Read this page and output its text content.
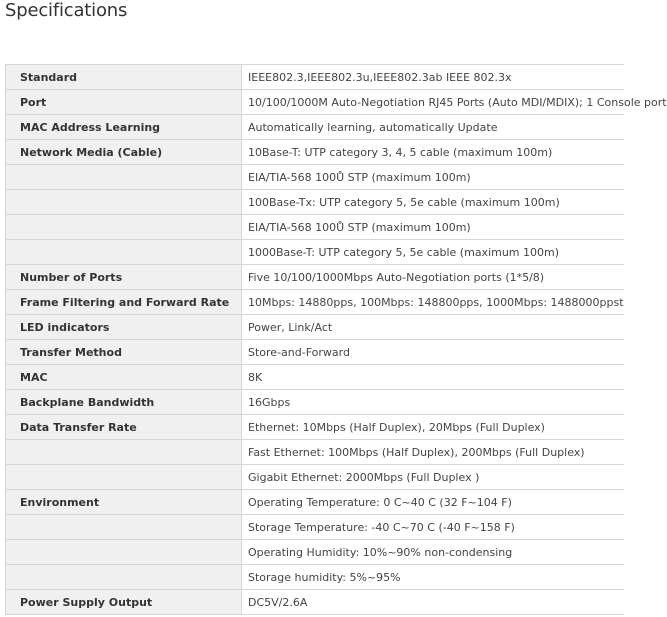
Specifications
Standard	IEEE802.3,IEEE802.3u,IEEE802.3ab IEEE 802.3x
Port	10/100/1000M Auto-Negotiation RJ45 Ports (Auto MDI/MDIX); 1 Console port
MAC Address Learning	Automatically learning, automatically Update
Network Media (Cable)	10Base-T: UTP category 3, 4, 5 cable (maximum 100m)
	EIA/TIA-568 100Ů STP (maximum 100m)
	100Base-Tx: UTP category 5, 5e cable (maximum 100m)
	EIA/TIA-568 100Ů STP (maximum 100m)
	1000Base-T: UTP category 5, 5e cable (maximum 100m)
Number of Ports	Five 10/100/1000Mbps Auto-Negotiation ports (1*5/8)
Frame Filtering and Forward Rate	10Mbps: 14880pps, 100Mbps: 148800pps, 1000Mbps: 1488000ppst
LED indicators	Power, Link/Act
Transfer Method	Store-and-Forward
MAC	8K
Backplane Bandwidth	16Gbps
Data Transfer Rate	Ethernet: 10Mbps (Half Duplex), 20Mbps (Full Duplex)
	Fast Ethernet: 100Mbps (Half Duplex), 200Mbps (Full Duplex)
	Gigabit Ethernet: 2000Mbps (Full Duplex )
Environment	Operating Temperature: 0 C~40 C (32 F~104 F)
	Storage Temperature: -40 C~70 C (-40 F~158 F)
	Operating Humidity: 10%~90% non-condensing
	Storage humidity: 5%~95%
Power Supply Output	DC5V/2.6A
